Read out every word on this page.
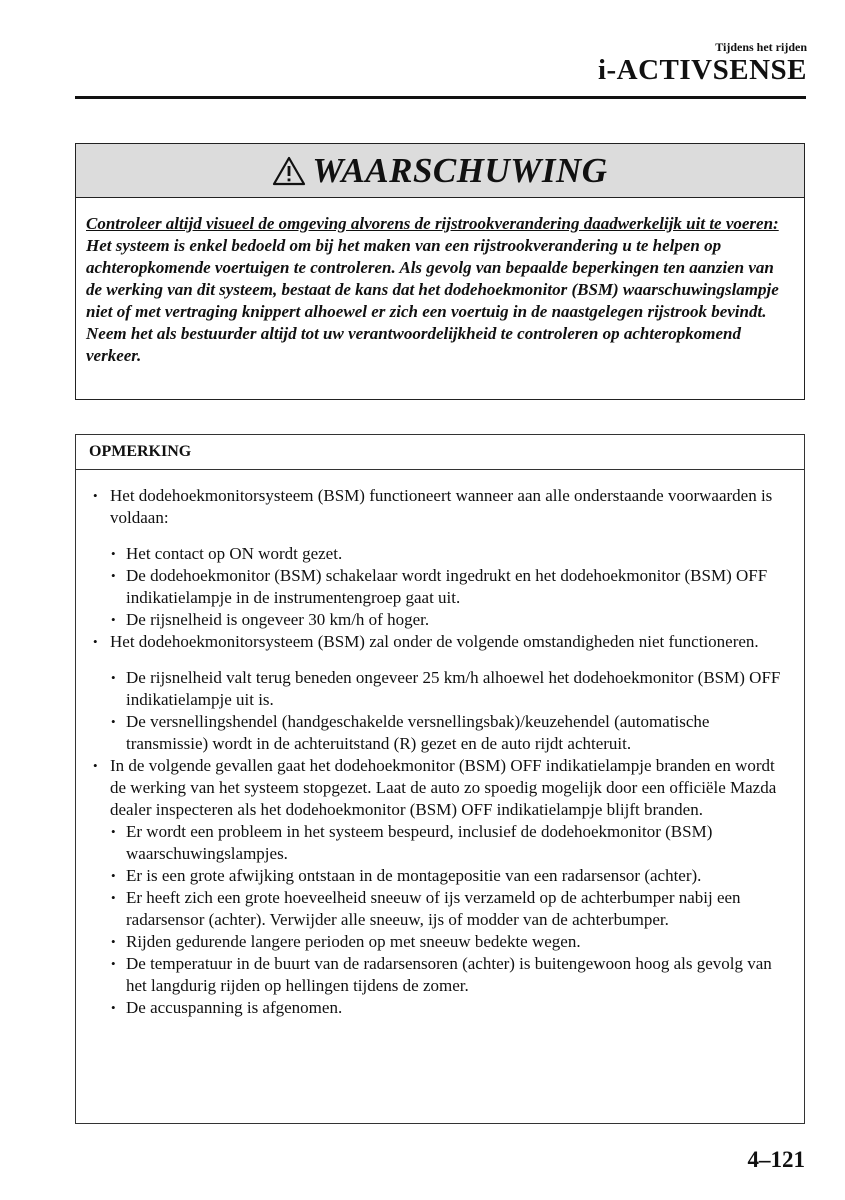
Tijdens het rijden
i-ACTIVSENSE
WAARSCHUWING
Controleer altijd visueel de omgeving alvorens de rijstrookverandering daadwerkelijk uit te voeren:
Het systeem is enkel bedoeld om bij het maken van een rijstrookverandering u te helpen op achteropkomende voertuigen te controleren. Als gevolg van bepaalde beperkingen ten aanzien van de werking van dit systeem, bestaat de kans dat het dodehoekmonitor (BSM) waarschuwingslampje niet of met vertraging knippert alhoewel er zich een voertuig in de naastgelegen rijstrook bevindt. Neem het als bestuurder altijd tot uw verantwoordelijkheid te controleren op achteropkomend verkeer.
OPMERKING
• Het dodehoekmonitorsysteem (BSM) functioneert wanneer aan alle onderstaande voorwaarden is voldaan:
• Het contact op ON wordt gezet.
• De dodehoekmonitor (BSM) schakelaar wordt ingedrukt en het dodehoekmonitor (BSM) OFF indikatielampje in de instrumentengroep gaat uit.
• De rijsnelheid is ongeveer 30 km/h of hoger.
• Het dodehoekmonitorsysteem (BSM) zal onder de volgende omstandigheden niet functioneren.
• De rijsnelheid valt terug beneden ongeveer 25 km/h alhoewel het dodehoekmonitor (BSM) OFF indikatielampje uit is.
• De versnellingshendel (handgeschakelde versnellingsbak)/keuzehendel (automatische transmissie) wordt in de achteruitstand (R) gezet en de auto rijdt achteruit.
• In de volgende gevallen gaat het dodehoekmonitor (BSM) OFF indikatielampje branden en wordt de werking van het systeem stopgezet. Laat de auto zo spoedig mogelijk door een officiële Mazda dealer inspecteren als het dodehoekmonitor (BSM) OFF indikatielampje blijft branden.
• Er wordt een probleem in het systeem bespeurd, inclusief de dodehoekmonitor (BSM) waarschuwingslampjes.
• Er is een grote afwijking ontstaan in de montagepositie van een radarsensor (achter).
• Er heeft zich een grote hoeveelheid sneeuw of ijs verzameld op de achterbumper nabij een radarsensor (achter). Verwijder alle sneeuw, ijs of modder van de achterbumper.
• Rijden gedurende langere perioden op met sneeuw bedekte wegen.
• De temperatuur in de buurt van de radarsensoren (achter) is buitengewoon hoog als gevolg van het langdurig rijden op hellingen tijdens de zomer.
• De accuspanning is afgenomen.
4–121
